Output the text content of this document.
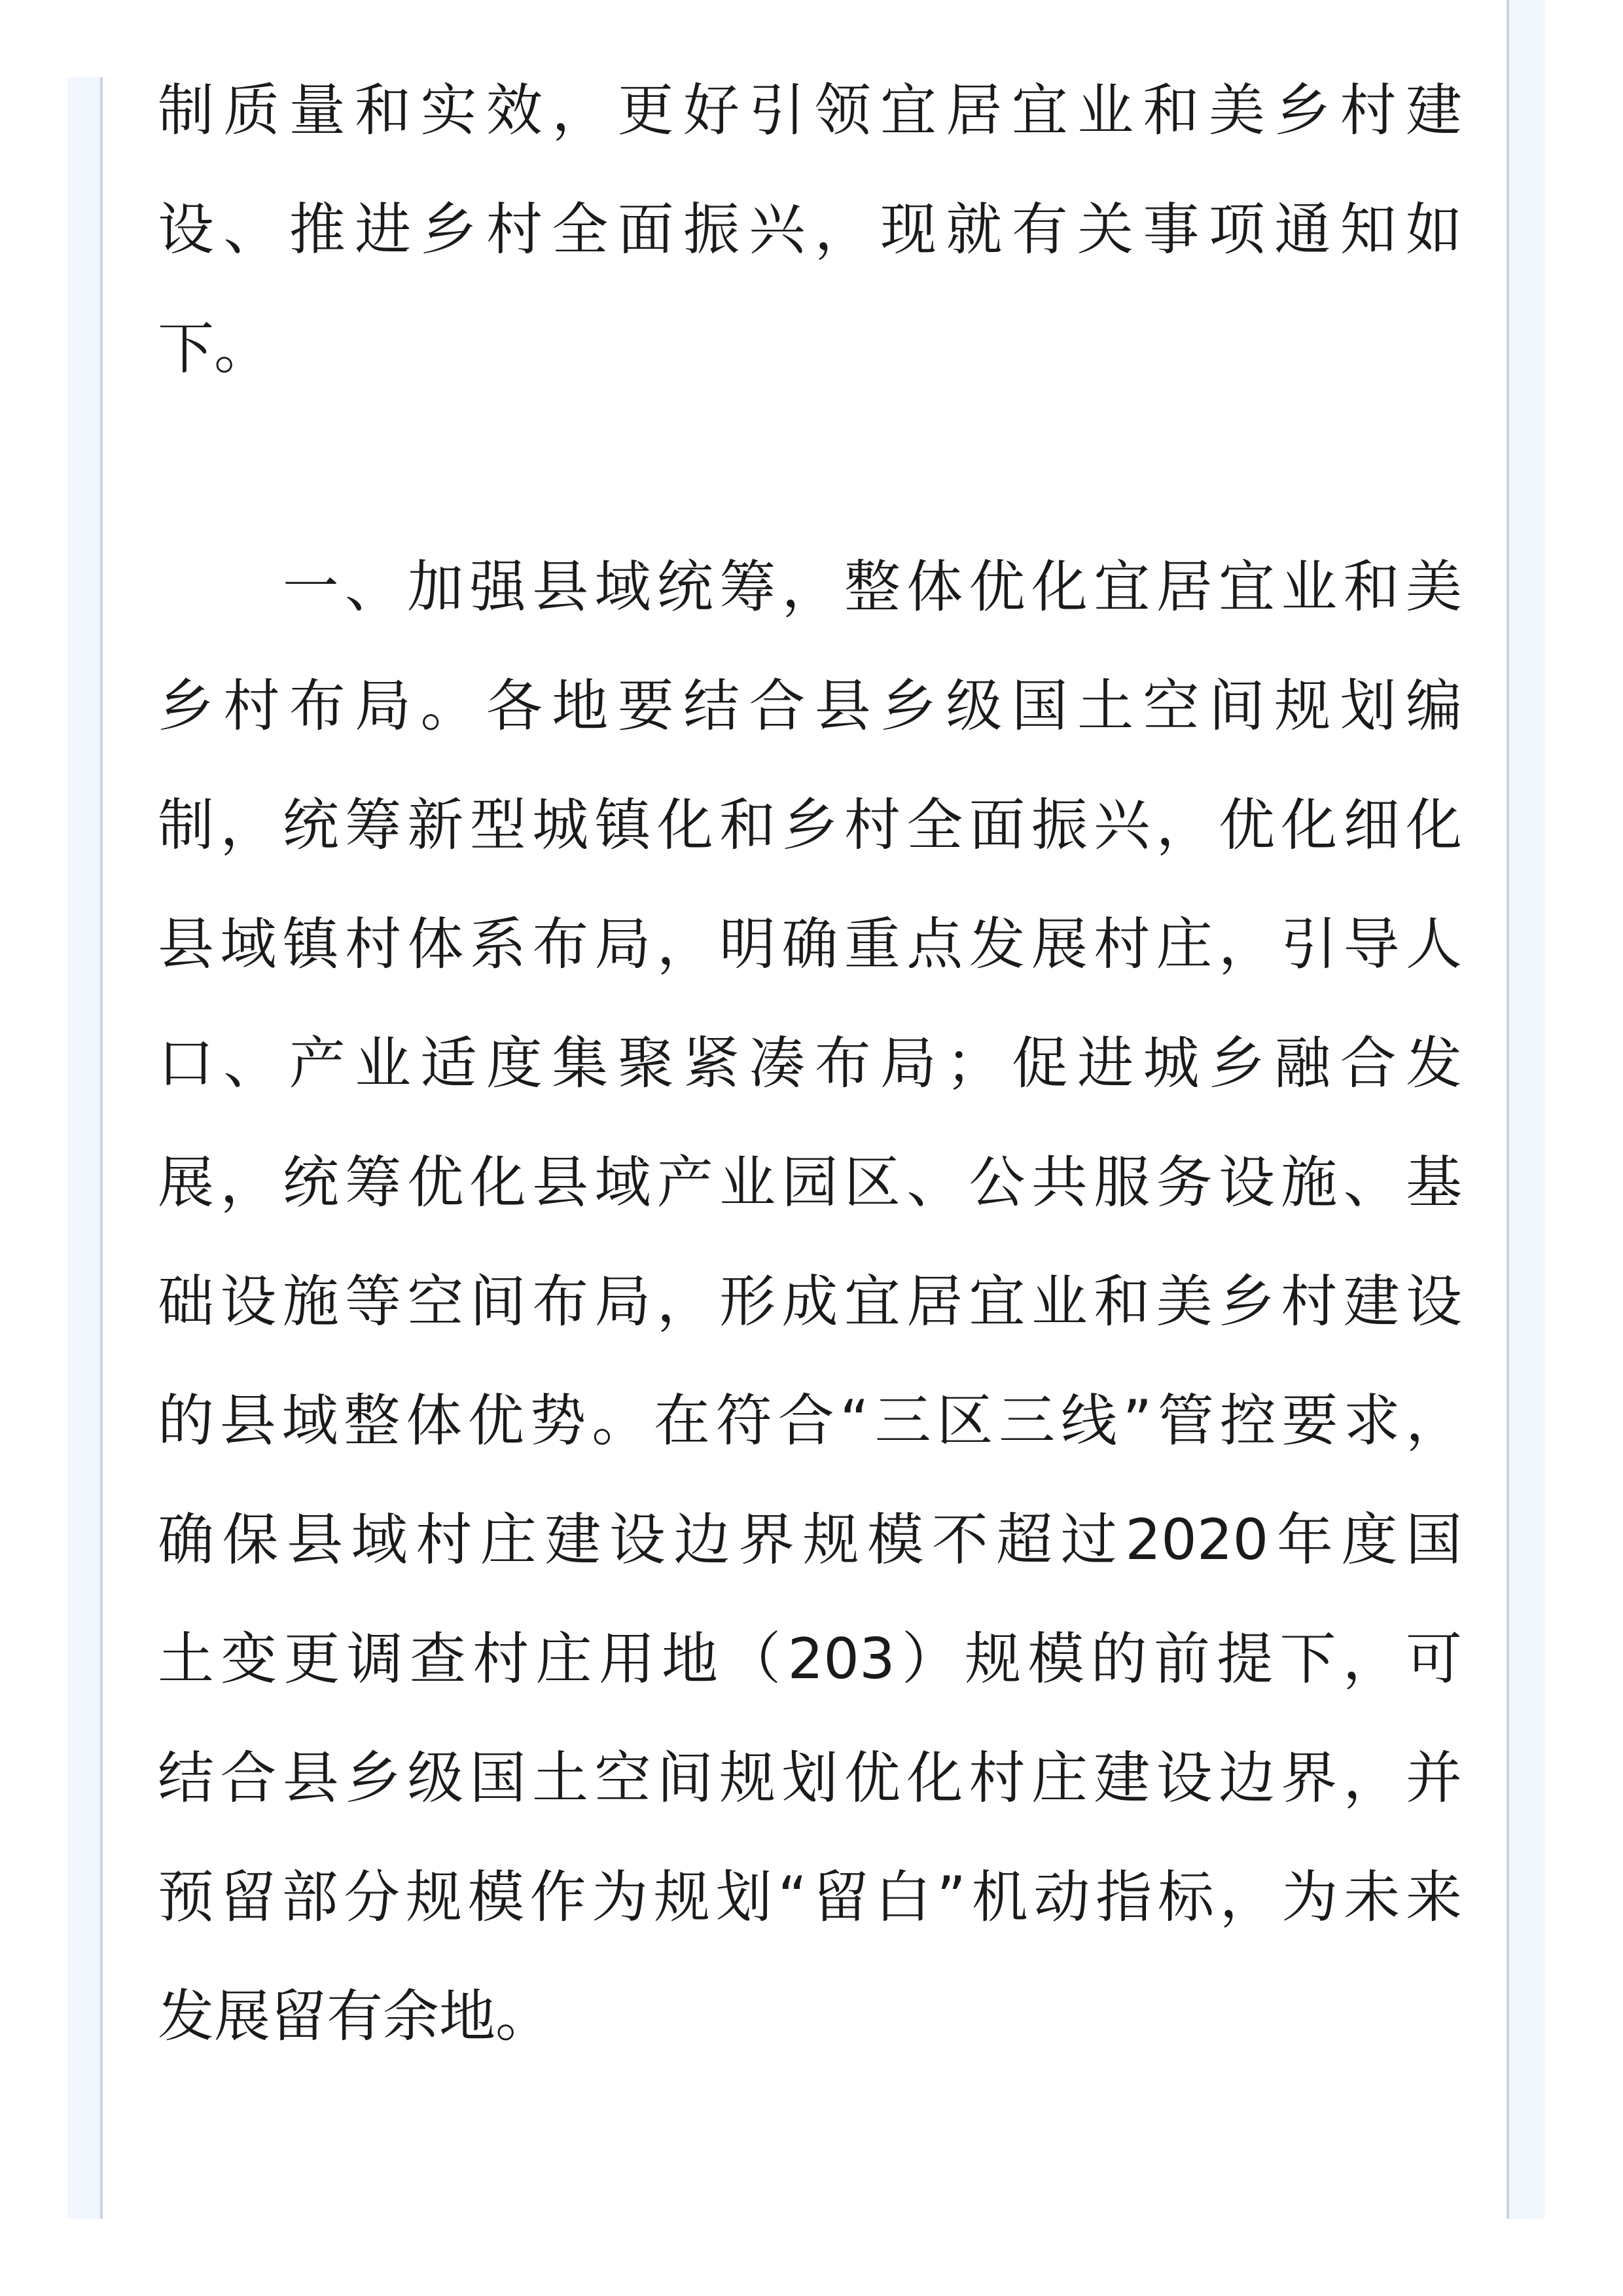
制质量和实效，更好引领宜居宜业和美乡村建
设、推进乡村全面振兴，现就有关事项通知如
下。
　　一、加强县域统筹，整体优化宜居宜业和美
乡村布局。各地要结合县乡级国土空间规划编
制，统筹新型城镇化和乡村全面振兴，优化细化
县域镇村体系布局，明确重点发展村庄，引导人
口、产业适度集聚紧凑布局；促进城乡融合发
展，统筹优化县域产业园区、公共服务设施、基
础设施等空间布局，形成宜居宜业和美乡村建设
的县域整体优势。在符合“三区三线”管控要求，
确保县域村庄建设边界规模不超过2020年度国
土变更调查村庄用地（203）规模的前提下，可
结合县乡级国土空间规划优化村庄建设边界，并
预留部分规模作为规划“留白”机动指标，为未来
发展留有余地。
